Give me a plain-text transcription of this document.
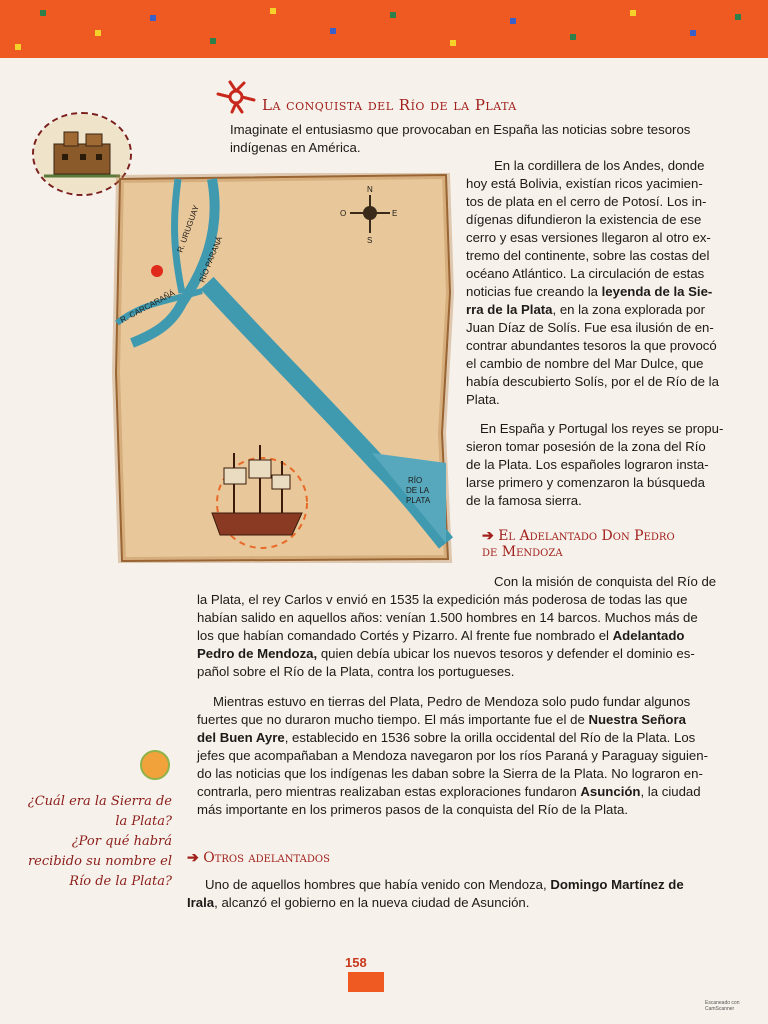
La conquista del Río de la Plata
Imaginate el entusiasmo que provocaban en España las noticias sobre tesoros indígenas en América.
R. URUGUAY
RÍO PARANÁ
R. CARCARAÑÁ
RÍO
DE LA
PLATA
N
S
E
O
En la cordillera de los Andes, donde
hoy está Bolivia, existían ricos yacimien-
tos de plata en el cerro de Potosí. Los in-
dígenas difundieron la existencia de ese
cerro y esas versiones llegaron al otro ex-
tremo del continente, sobre las costas del
océano Atlántico. La circulación de estas
noticias fue creando la leyenda de la Sie-
rra de la Plata, en la zona explorada por
Juan Díaz de Solís. Fue esa ilusión de en-
contrar abundantes tesoros la que provocó
el cambio de nombre del Mar Dulce, que
había descubierto Solís, por el de Río de la
Plata.
En España y Portugal los reyes se propu-
sieron tomar posesión de la zona del Río
de la Plata. Los españoles lograron insta-
larse primero y comenzaron la búsqueda
de la famosa sierra.
➔ El Adelantado Don Pedro
de Mendoza
Con la misión de conquista del Río de
la Plata, el rey Carlos v envió en 1535 la expedición más poderosa de todas las que
habían salido en aquellos años: venían 1.500 hombres en 14 barcos. Muchos más de
los que habían comandado Cortés y Pizarro. Al frente fue nombrado el Adelantado
Pedro de Mendoza, quien debía ubicar los nuevos tesoros y defender el dominio es-
pañol sobre el Río de la Plata, contra los portugueses.
Mientras estuvo en tierras del Plata, Pedro de Mendoza solo pudo fundar algunos
fuertes que no duraron mucho tiempo. El más importante fue el de Nuestra Señora
del Buen Ayre, establecido en 1536 sobre la orilla occidental del Río de la Plata. Los
jefes que acompañaban a Mendoza navegaron por los ríos Paraná y Paraguay siguien-
do las noticias que los indígenas les daban sobre la Sierra de la Plata. No lograron en-
contrarla, pero mientras realizaban estas exploraciones fundaron Asunción, la ciudad
más importante en los primeros pasos de la conquista del Río de la Plata.
➔ Otros adelantados
Uno de aquellos hombres que había venido con Mendoza, Domingo Martínez de
Irala, alcanzó el gobierno en la nueva ciudad de Asunción.
¿Cuál era la Sierra de
la Plata?
¿Por qué habrá
recibido su nombre el
Río de la Plata?
158
Escaneado con CamScanner
